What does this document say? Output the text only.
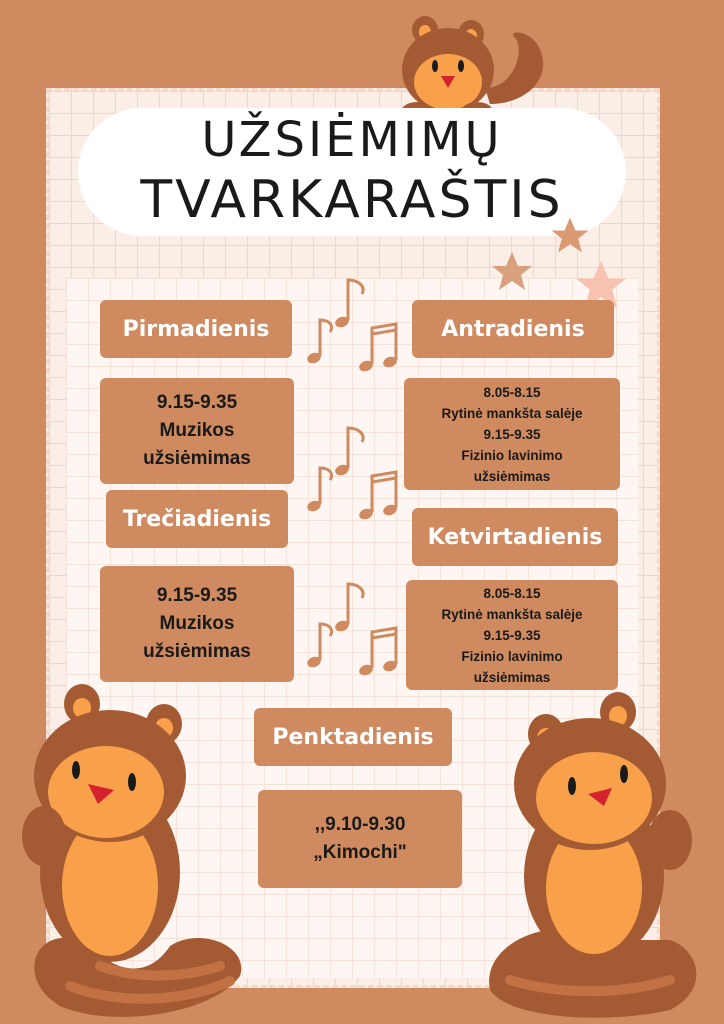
UŽSIĖMIMŲ
TVARKARAŠTIS
Pirmadienis
9.15-9.35
Muzikos
užsiėmimas
Antradienis
8.05-8.15
Rytinė mankšta salėje
9.15-9.35
Fizinio lavinimo
užsiėmimas
Trečiadienis
9.15-9.35
Muzikos
užsiėmimas
Ketvirtadienis
8.05-8.15
Rytinė mankšta salėje
9.15-9.35
Fizinio lavinimo
užsiėmimas
Penktadienis
,,9.10-9.30
„Kimochi"
